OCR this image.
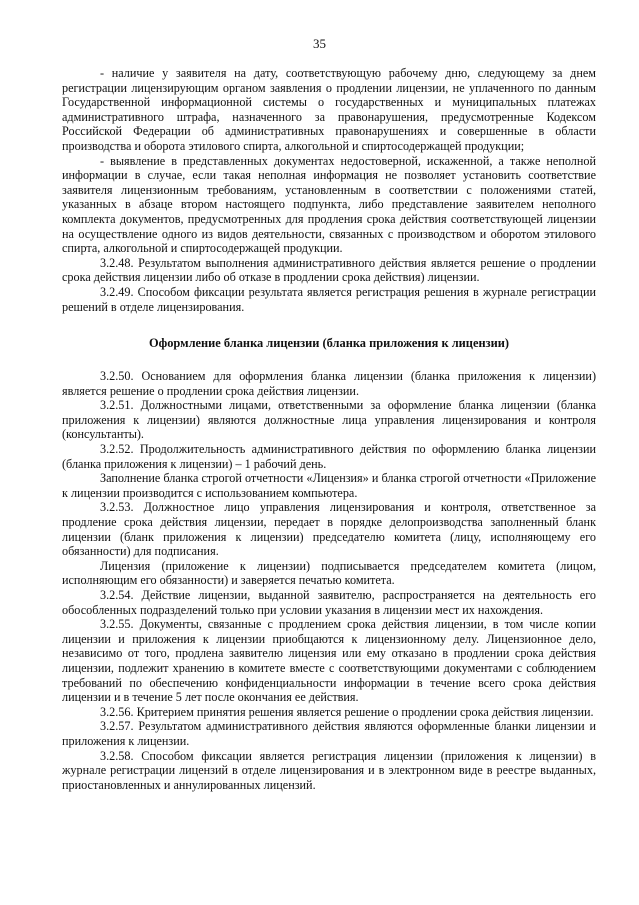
35

- наличие у заявителя на дату, соответствующую рабочему дню, следующему за днем регистрации лицензирующим органом заявления о продлении лицензии, не уплаченного по данным Государственной информационной системы о государственных и муниципальных платежах административного штрафа, назначенного за правонарушения, предусмотренные Кодексом Российской Федерации об административных правонарушениях и совершенные в области производства и оборота этилового спирта, алкогольной и спиртосодержащей продукции;

- выявление в представленных документах недостоверной, искаженной, а также неполной информации в случае, если такая неполная информация не позволяет установить соответствие заявителя лицензионным требованиям, установленным в соответствии с положениями статей, указанных в абзаце втором настоящего подпункта, либо представление заявителем неполного комплекта документов, предусмотренных для продления срока действия соответствующей лицензии на осуществление одного из видов деятельности, связанных с производством и оборотом этилового спирта, алкогольной и спиртосодержащей продукции.

3.2.48. Результатом выполнения административного действия является решение о продлении срока действия лицензии либо об отказе в продлении срока действия) лицензии.

3.2.49. Способом фиксации результата является регистрация решения в журнале регистрации решений в отделе лицензирования.

Оформление бланка лицензии (бланка приложения к лицензии)

3.2.50. Основанием для оформления бланка лицензии (бланка приложения к лицензии) является решение о продлении срока действия лицензии.

3.2.51. Должностными лицами, ответственными за оформление бланка лицензии (бланка приложения к лицензии) являются должностные лица управления лицензирования и контроля (консультанты).

3.2.52. Продолжительность административного действия по оформлению бланка лицензии (бланка приложения к лицензии) – 1 рабочий день.

Заполнение бланка строгой отчетности «Лицензия» и бланка строгой отчетности «Приложение к лицензии производится с использованием компьютера.

3.2.53. Должностное лицо управления лицензирования и контроля, ответственное за продление срока действия лицензии, передает в порядке делопроизводства заполненный бланк лицензии (бланк приложения к лицензии) председателю комитета (лицу, исполняющему его обязанности) для подписания.

Лицензия (приложение к лицензии) подписывается председателем комитета (лицом, исполняющим его обязанности) и заверяется печатью комитета.

3.2.54. Действие лицензии, выданной заявителю, распространяется на деятельность его обособленных подразделений только при условии указания в лицензии мест их нахождения.

3.2.55. Документы, связанные с продлением срока действия лицензии, в том числе копии лицензии и приложения к лицензии приобщаются к лицензионному делу. Лицензионное дело, независимо от того, продлена заявителю лицензия или ему отказано в продлении срока действия лицензии, подлежит хранению в комитете вместе с соответствующими документами с соблюдением требований по обеспечению конфиденциальности информации в течение всего срока действия лицензии и в течение 5 лет после окончания ее действия.

3.2.56. Критерием принятия решения является решение о продлении срока действия лицензии.

3.2.57. Результатом административного действия являются оформленные бланки лицензии и приложения к лицензии.

3.2.58. Способом фиксации является регистрация лицензии (приложения к лицензии) в журнале регистрации лицензий в отделе лицензирования и в электронном виде в реестре выданных, приостановленных и аннулированных лицензий.
